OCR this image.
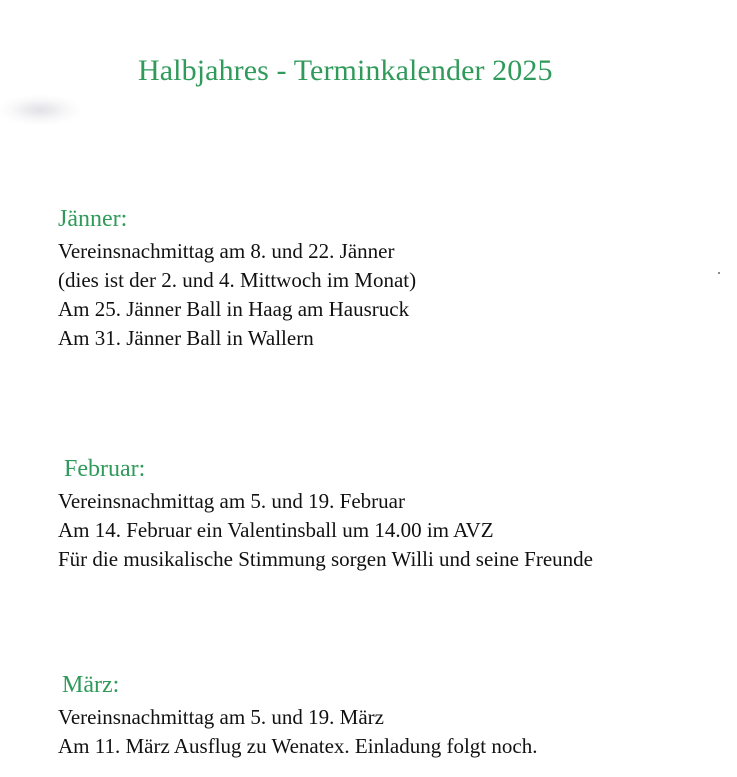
Halbjahres - Terminkalender 2025
Jänner:
Vereinsnachmittag am 8. und 22. Jänner
(dies ist der 2. und 4. Mittwoch im Monat)
Am 25. Jänner Ball in Haag am Hausruck
Am 31. Jänner Ball in Wallern
Februar:
Vereinsnachmittag am 5. und 19. Februar
Am 14. Februar ein Valentinsball um 14.00 im AVZ
Für die musikalische Stimmung sorgen Willi und seine Freunde
März:
Vereinsnachmittag am 5. und 19. März
Am 11. März Ausflug zu Wenatex. Einladung folgt noch.
